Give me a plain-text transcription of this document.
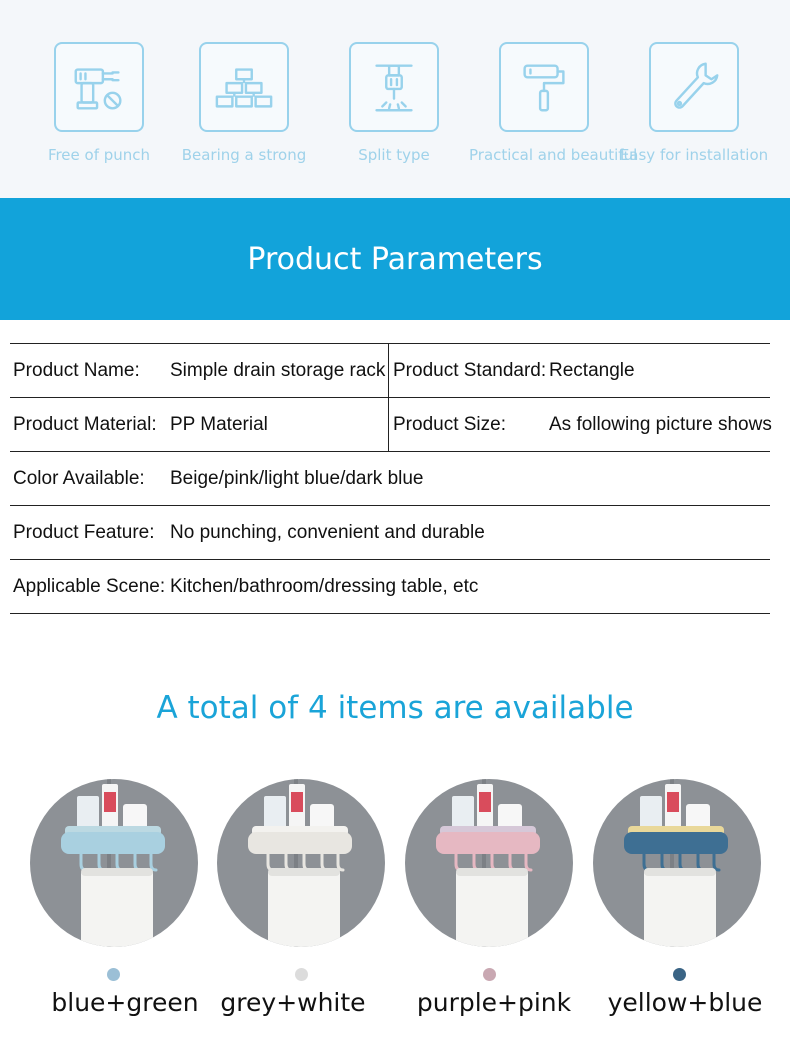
Free of punch	Bearing a strong	Split type	Practical and beautiful
Easy for installation
Product Parameters
Product Name: Simple drain storage rack Product Standard: Rectangle
Product Material: PP Material	Product Size: As following picture shows
Color Available: Beige/pink/light blue/dark blue
Product Feature: No punching, convenient and durable
Applicable Scene: Kitchen/bathroom/dressing table, etc
A total of 4 items are available
blue+green grey+white	purple+pink	yellow+blue
